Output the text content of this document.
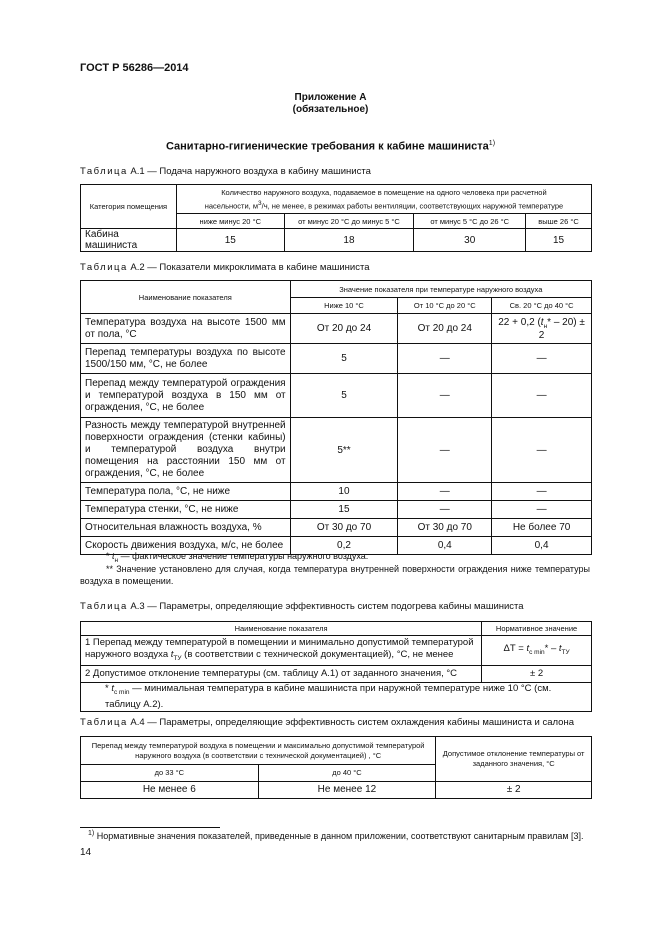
ГОСТ Р 56286—2014
Приложение А
(обязательное)
Санитарно-гигиенические требования к кабине машиниста$^{1)}$
Таблица А.1 — Подача наружного воздуха в кабину машиниста
Категория помещения	Количество наружного воздуха, подаваемое в помещение на одного человека при расчетной
насельности, $м^3/ч$, не менее, в режимах работы вентиляции, соответствующих наружной температуре			
	ниже минус 20 °С	от минус 20 °С до минус 5 °С	от минус 5 °С до 26 °С	выше 26 °С
Кабина машиниста	15	18	30	15
Таблица А.2 — Показатели микроклимата в кабине машиниста
Наименование показателя	Значение показателя при температуре наружного воздуха		
	Ниже 10 °С	От 10 °С до 20 °С	Св. 20 °С до 40 °С
Температура воздуха на высоте 1500 мм от пола, °С	От 20 до 24	От 20 до 24	22 + 0,2 $(t_н* - 20) \pm 2$
Перепад температуры воздуха по высоте 1500/150 мм, °С, не более	5	—	—
Перепад между температурой ограждения и температурой воздуха в 150 мм от ограждения, °С, не более	5	—	—
Разность между температурой внутренней поверхности ограждения (стенки кабины) и температурой воздуха внутри помещения на расстоянии 150 мм от ограждения, °С, не более	5**	—	—
Температура пола, °С, не ниже	10	—	—
Температура стенки, °С, не ниже	15	—	—
Относительная влажность воздуха, %	От 30 до 70	От 30 до 70	Не более 70
Скорость движения воздуха, м/с, не более	0,2	0,4	0,4
* $t_н$ — фактическое значение температуры наружного воздуха.
** Значение установлено для случая, когда температура внутренней поверхности ограждения ниже температуры воздуха в помещении.
Таблица А.3 — Параметры, определяющие эффективность систем подогрева кабины машиниста
Наименование показателя	Нормативное значение
1 Перепад между температурой в помещении и минимально допустимой температурой наружного воздуха $t_{ТУ}$ (в соответствии с технической документацией), °С, не менее	$\Delta Т = t_{c min}* - t_{ТУ}$
2 Допустимое отклонение температуры (см. таблицу А.1) от заданного значения, °С	± 2
* $t_{c min}$ — минимальная температура в кабине машиниста при наружной температуре ниже 10 °С (см. таблицу А.2).	
Таблица А.4 — Параметры, определяющие эффективность систем охлаждения кабины машиниста и салона
Перепад между температурой воздуха в помещении и максимально допустимой температурой наружного воздуха (в соответствии с технической документацией) , °С		Допустимое отклонение температуры от заданного значения, °С
до 33 °С	до 40 °С	
Не менее 6	Не менее 12	± 2
$^{1)}$ Нормативные значения показателей, приведенные в данном приложении, соответствуют санитарным правилам [3].
14
